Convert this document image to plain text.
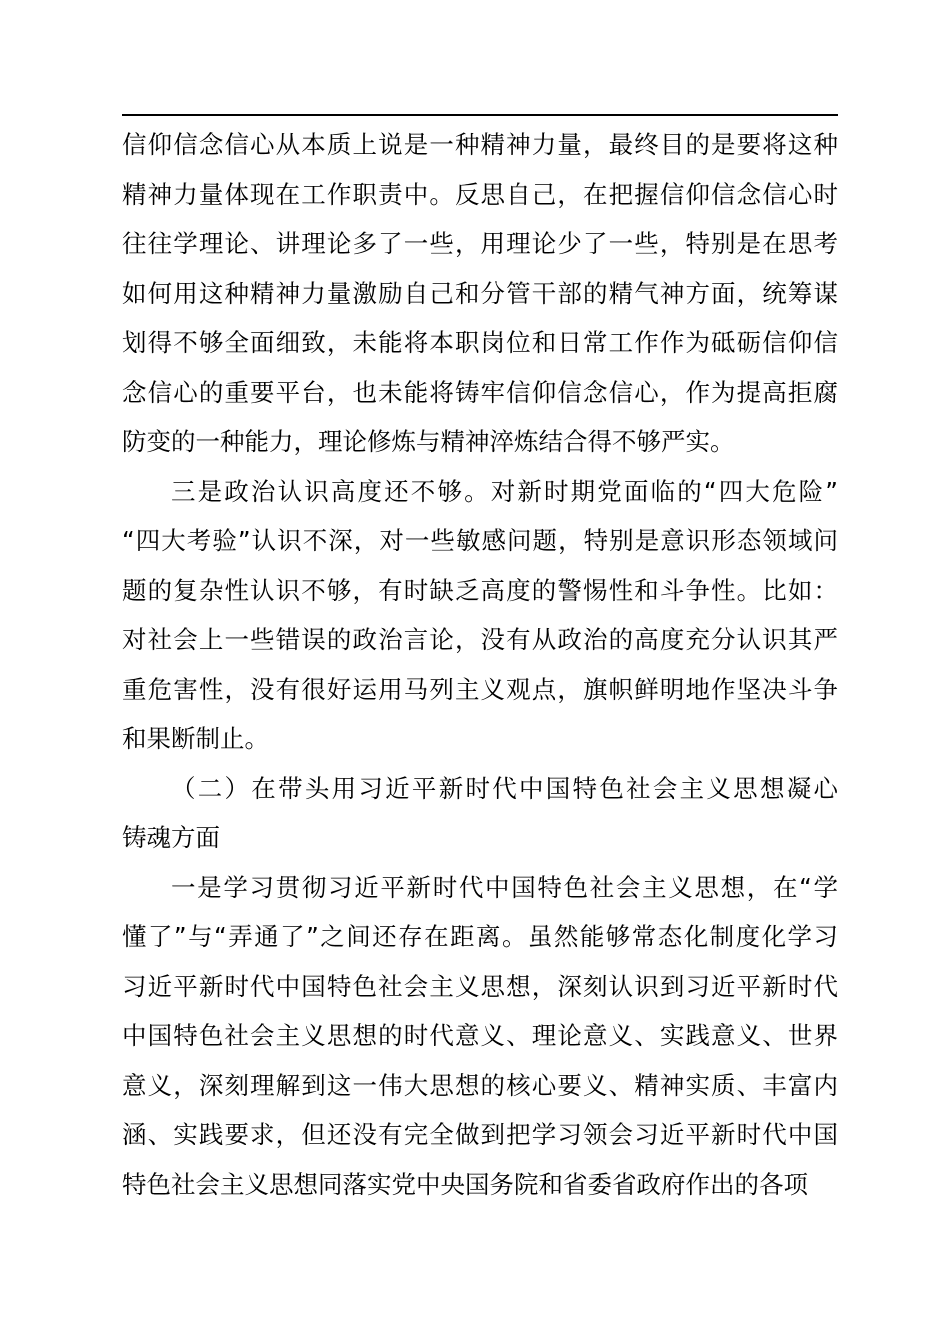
信仰信念信心从本质上说是一种精神力量，最终目的是要将这种
精神力量体现在工作职责中。反思自己，在把握信仰信念信心时
往往学理论、讲理论多了一些，用理论少了一些，特别是在思考
如何用这种精神力量激励自己和分管干部的精气神方面，统筹谋
划得不够全面细致，未能将本职岗位和日常工作作为砥砺信仰信
念信心的重要平台，也未能将铸牢信仰信念信心，作为提高拒腐
防变的一种能力，理论修炼与精神淬炼结合得不够严实。
三是政治认识高度还不够。对新时期党面临的“四大危险”
“四大考验”认识不深，对一些敏感问题，特别是意识形态领域问
题的复杂性认识不够，有时缺乏高度的警惕性和斗争性。比如：
对社会上一些错误的政治言论，没有从政治的高度充分认识其严
重危害性，没有很好运用马列主义观点，旗帜鲜明地作坚决斗争
和果断制止。
（二）在带头用习近平新时代中国特色社会主义思想凝心
铸魂方面
一是学习贯彻习近平新时代中国特色社会主义思想，在“学
懂了”与“弄通了”之间还存在距离。虽然能够常态化制度化学习
习近平新时代中国特色社会主义思想，深刻认识到习近平新时代
中国特色社会主义思想的时代意义、理论意义、实践意义、世界
意义，深刻理解到这一伟大思想的核心要义、精神实质、丰富内
涵、实践要求，但还没有完全做到把学习领会习近平新时代中国
特色社会主义思想同落实党中央国务院和省委省政府作出的各项
